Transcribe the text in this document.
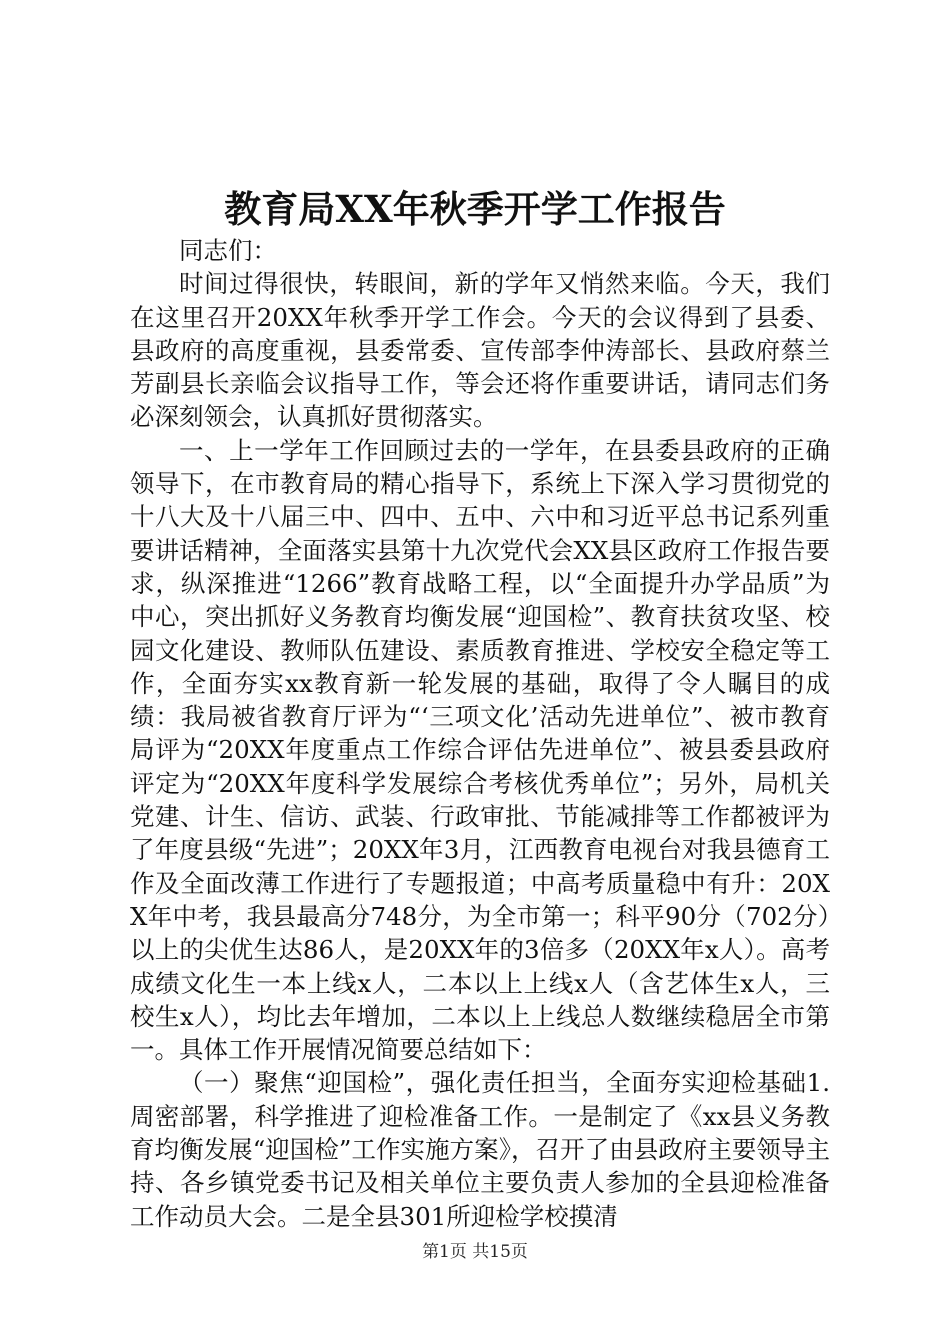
教育局XX年秋季开学工作报告

同志们：

时间过得很快，转眼间，新的学年又悄然来临。今天，我们在这里召开20XX年秋季开学工作会。今天的会议得到了县委、县政府的高度重视，县委常委、宣传部李仲涛部长、县政府蔡兰芳副县长亲临会议指导工作，等会还将作重要讲话，请同志们务必深刻领会，认真抓好贯彻落实。

一、上一学年工作回顾过去的一学年，在县委县政府的正确领导下，在市教育局的精心指导下，系统上下深入学习贯彻党的十八大及十八届三中、四中、五中、六中和习近平总书记系列重要讲话精神，全面落实县第十九次党代会XX县区政府工作报告要求，纵深推进“1266”教育战略工程，以“全面提升办学品质”为中心，突出抓好义务教育均衡发展“迎国检”、教育扶贫攻坚、校园文化建设、教师队伍建设、素质教育推进、学校安全稳定等工作，全面夯实xx教育新一轮发展的基础，取得了令人瞩目的成绩：我局被省教育厅评为“‘三项文化’活动先进单位”、被市教育局评为“20XX年度重点工作综合评估先进单位”、被县委县政府评定为“20XX年度科学发展综合考核优秀单位”；另外，局机关党建、计生、信访、武装、行政审批、节能减排等工作都被评为了年度县级“先进”；20XX年3月，江西教育电视台对我县德育工作及全面改薄工作进行了专题报道；中高考质量稳中有升：20XX年中考，我县最高分748分，为全市第一；科平90分（702分）以上的尖优生达86人，是20XX年的3倍多（20XX年x人）。高考成绩文化生一本上线x人，二本以上上线x人（含艺体生x人，三校生x人），均比去年增加，二本以上上线总人数继续稳居全市第一。具体工作开展情况简要总结如下：

（一）聚焦“迎国检”，强化责任担当，全面夯实迎检基础1.周密部署，科学推进了迎检准备工作。一是制定了《xx县义务教育均衡发展“迎国检”工作实施方案》，召开了由县政府主要领导主持、各乡镇党委书记及相关单位主要负责人参加的全县迎检准备工作动员大会。二是全县301所迎检学校摸清

第1页 共15页
